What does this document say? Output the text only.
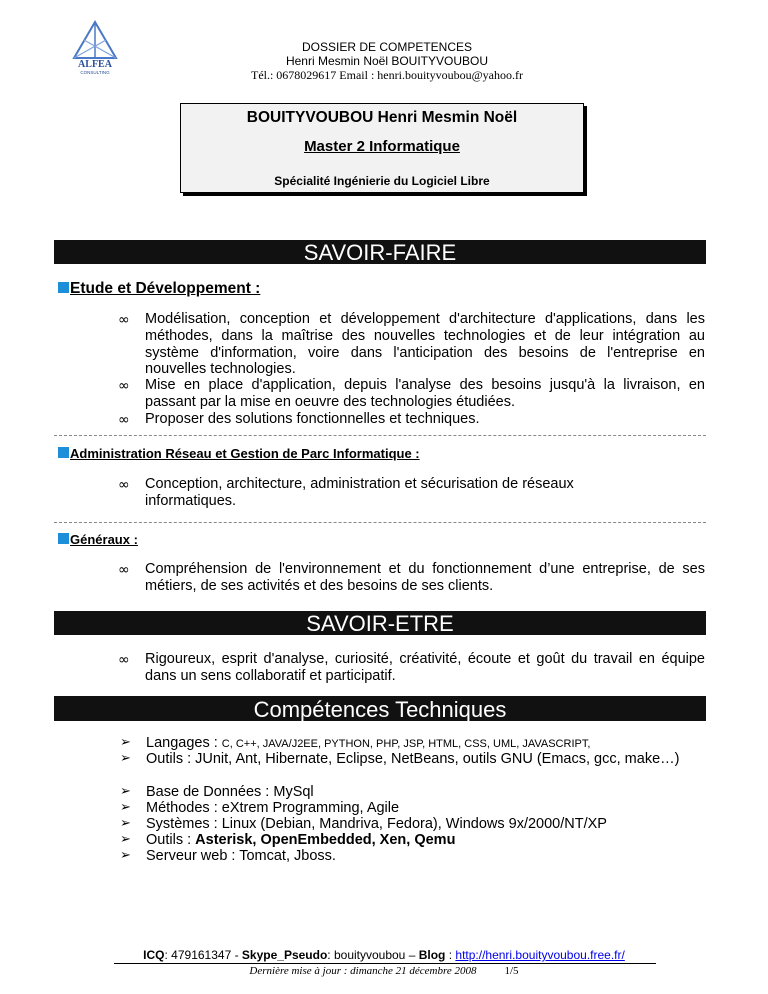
ALFEA
CONSULTING
DOSSIER DE COMPETENCES
Henri Mesmin Noël BOUITYVOUBOU
Tél.: 0678029617 Email : henri.bouityvoubou@yahoo.fr
BOUITYVOUBOU Henri Mesmin Noël
Master 2 Informatique
Spécialité Ingénierie du Logiciel Libre
SAVOIR-FAIRE
Etude et Développement :
∞ Modélisation, conception et développement d'architecture d'applications, dans les méthodes, dans la maîtrise des nouvelles technologies et de leur intégration au système d'information, voire dans l'anticipation des besoins de l'entreprise en nouvelles technologies.
∞ Mise en place d'application, depuis l'analyse des besoins jusqu'à la livraison, en passant par la mise en oeuvre des technologies étudiées.
∞ Proposer des solutions fonctionnelles et techniques.
Administration Réseau et Gestion de Parc Informatique :
∞ Conception, architecture, administration et sécurisation de réseaux informatiques.
Généraux :
∞ Compréhension de l'environnement et du fonctionnement d’une entreprise, de ses métiers, de ses activités et des besoins de ses clients.
SAVOIR-ETRE
∞ Rigoureux, esprit d'analyse, curiosité, créativité, écoute et goût du travail en équipe dans un sens collaboratif et participatif.
Compétences Techniques
➢ Langages : C, C++, JAVA/J2EE, PYTHON, PHP, JSP, HTML, CSS, UML, JAVASCRIPT,
➢ Outils : JUnit, Ant, Hibernate, Eclipse, NetBeans, outils GNU (Emacs, gcc, make…)
➢ Base de Données : MySql
➢ Méthodes : eXtrem Programming, Agile
➢ Systèmes : Linux (Debian, Mandriva, Fedora), Windows 9x/2000/NT/XP
➢ Outils : Asterisk, OpenEmbedded, Xen, Qemu
➢ Serveur web : Tomcat, Jboss.
ICQ: 479161347 - Skype_Pseudo: bouityvoubou – Blog : http://henri.bouityvoubou.free.fr/
Dernière mise à jour : dimanche 21 décembre 2008	1/5
